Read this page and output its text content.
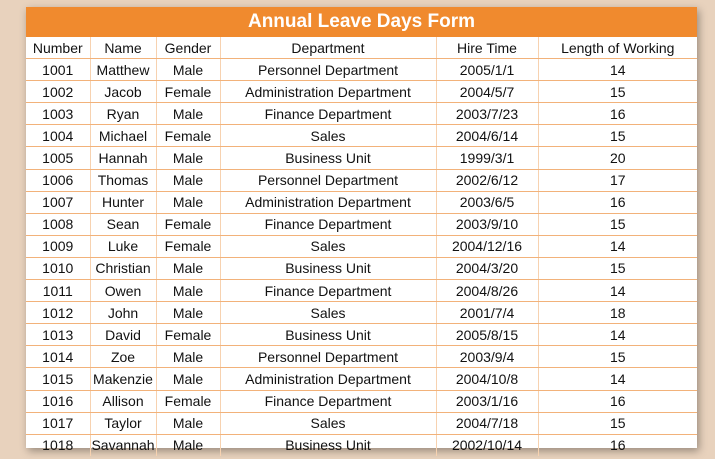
Annual Leave Days Form
Number	Name	Gender	Department	Hire Time	Length of Working
1001	Matthew	Male	Personnel Department	2005/1/1	14
1002	Jacob	Female	Administration Department	2004/5/7	15
1003	Ryan	Male	Finance Department	2003/7/23	16
1004	Michael	Female	Sales	2004/6/14	15
1005	Hannah	Male	Business Unit	1999/3/1	20
1006	Thomas	Male	Personnel Department	2002/6/12	17
1007	Hunter	Male	Administration Department	2003/6/5	16
1008	Sean	Female	Finance Department	2003/9/10	15
1009	Luke	Female	Sales	2004/12/16	14
1010	Christian	Male	Business Unit	2004/3/20	15
1011	Owen	Male	Finance Department	2004/8/26	14
1012	John	Male	Sales	2001/7/4	18
1013	David	Female	Business Unit	2005/8/15	14
1014	Zoe	Male	Personnel Department	2003/9/4	15
1015	Makenzie	Male	Administration Department	2004/10/8	14
1016	Allison	Female	Finance Department	2003/1/16	16
1017	Taylor	Male	Sales	2004/7/18	15
1018	Savannah	Male	Business Unit	2002/10/14	16
